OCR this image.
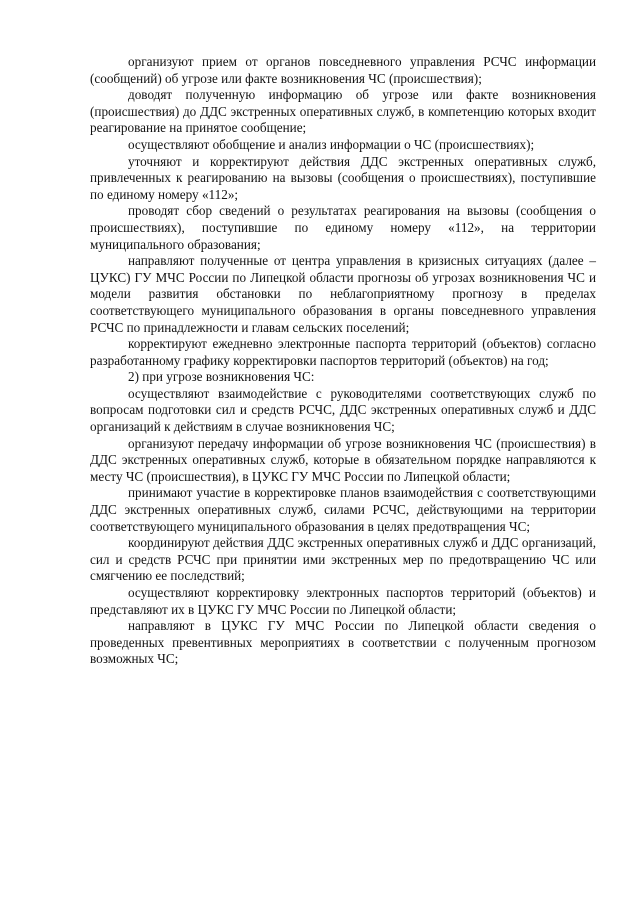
организуют прием от органов повседневного управления РСЧС информации (сообщений) об угрозе или факте возникновения ЧС (происшествия);

доводят полученную информацию об угрозе или факте возникновения (происшествия) до ДДС экстренных оперативных служб, в компетенцию которых входит реагирование на принятое сообщение;

осуществляют обобщение и анализ информации о ЧС (происшествиях);

уточняют и корректируют действия ДДС экстренных оперативных служб, привлеченных к реагированию на вызовы (сообщения о происшествиях), поступившие по единому номеру «112»;

проводят сбор сведений о результатах реагирования на вызовы (сообщения о происшествиях), поступившие по единому номеру «112», на территории муниципального образования;

направляют полученные от центра управления в кризисных ситуациях (далее – ЦУКС) ГУ МЧС России по Липецкой области прогнозы об угрозах возникновения ЧС и модели развития обстановки по неблагоприятному прогнозу в пределах соответствующего муниципального образования в органы повседневного управления РСЧС по принадлежности и главам сельских поселений;

корректируют ежедневно электронные паспорта территорий (объектов) согласно разработанному графику корректировки паспортов территорий (объектов) на год;

2) при угрозе возникновения ЧС:

осуществляют взаимодействие с руководителями соответствующих служб по вопросам подготовки сил и средств РСЧС, ДДС экстренных оперативных служб и ДДС организаций к действиям в случае возникновения ЧС;

организуют передачу информации об угрозе возникновения ЧС (происшествия) в ДДС экстренных оперативных служб, которые в обязательном порядке направляются к месту ЧС (происшествия), в ЦУКС ГУ МЧС России по Липецкой области;

принимают участие в корректировке планов взаимодействия с соответствующими ДДС экстренных оперативных служб, силами РСЧС, действующими на территории соответствующего муниципального образования в целях предотвращения ЧС;

координируют действия ДДС экстренных оперативных служб и ДДС организаций, сил и средств РСЧС при принятии ими экстренных мер по предотвращению ЧС или смягчению ее последствий;

осуществляют корректировку электронных паспортов территорий (объектов) и представляют их в ЦУКС ГУ МЧС России по Липецкой области;

направляют в ЦУКС ГУ МЧС России по Липецкой области сведения о проведенных превентивных мероприятиях в соответствии с полученным прогнозом возможных ЧС;
